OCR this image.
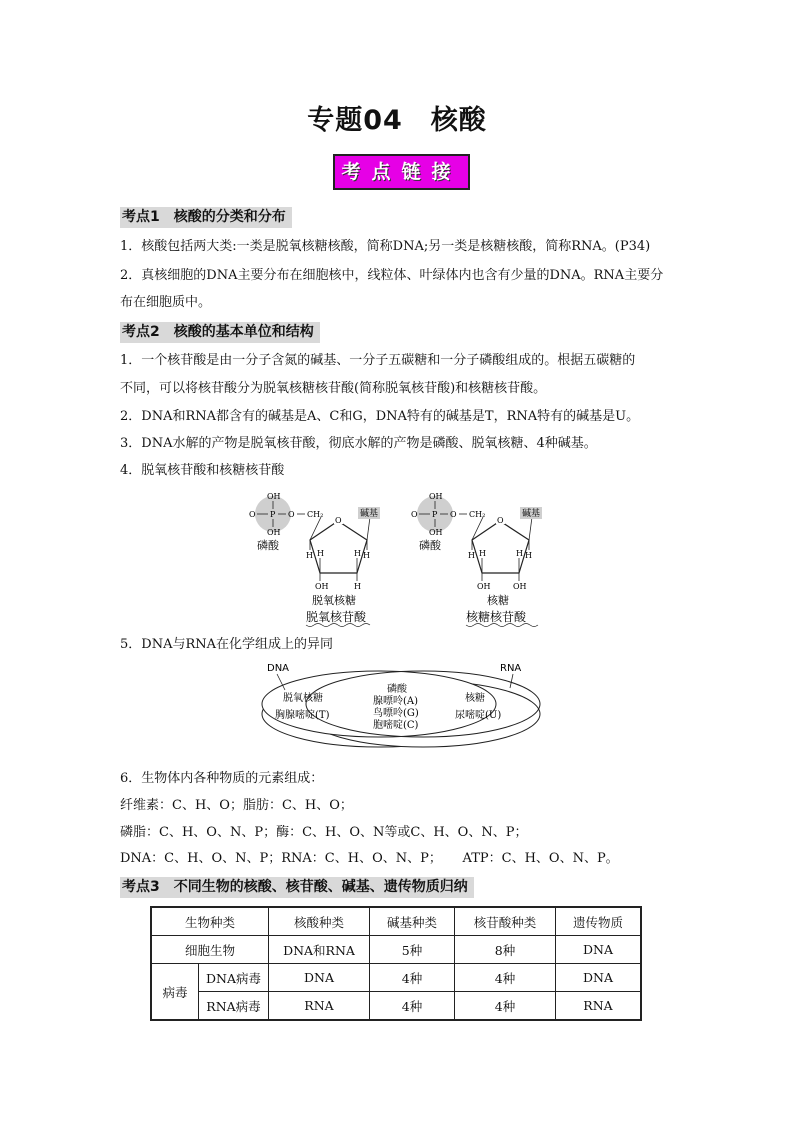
专题04 核酸
考点链接
考点1 核酸的分类和分布
1．核酸包括两大类:一类是脱氧核糖核酸，简称DNA;另一类是核糖核酸，简称RNA。(P34)
2．真核细胞的DNA主要分布在细胞核中，线粒体、叶绿体内也含有少量的DNA。RNA主要分
布在细胞质中。
考点2 核酸的基本单位和结构
1．一个核苷酸是由一分子含氮的碱基、一分子五碳糖和一分子磷酸组成的。根据五碳糖的
不同，可以将核苷酸分为脱氧核糖核苷酸(简称脱氧核苷酸)和核糖核苷酸。
2．DNA和RNA都含有的碱基是A、C和G，DNA特有的碱基是T，RNA特有的碱基是U。
3．DNA水解的产物是脱氧核苷酸，彻底水解的产物是磷酸、脱氧核糖、4种碱基。
4．脱氧核苷酸和核糖核苷酸
OH
OH
O P O CH₂
磷酸
.
O
碱基
H	H
H	H
OH	H
脱氧核糖
脱氧核苷酸
OH
OH
O P O CH₂
磷酸
O
碱基
H	H
H	H
OH	OH
核糖
核糖核苷酸
5．DNA与RNA在化学组成上的异同
DNA	RNA
脱氧核糖
胸腺嘧啶(T)
磷酸
腺嘌呤(A)
鸟嘌呤(G)
胞嘧啶(C)
核糖
尿嘧啶(U)
6．生物体内各种物质的元素组成：
纤维素：C、H、O；脂肪：C、H、O；
磷脂：C、H、O、N、P；酶：C、H、O、N等或C、H、O、N、P；
DNA：C、H、O、N、P；RNA：C、H、O、N、P；     ATP：C、H、O、N、P。
考点3 不同生物的核酸、核苷酸、碱基、遗传物质归纳
生物种类		核酸种类	碱基种类	核苷酸种类	遗传物质
细胞生物		DNA和RNA	5种	8种	DNA
病毒	DNA病毒	DNA	4种	4种	DNA
	RNA病毒	RNA	4种	4种	RNA
